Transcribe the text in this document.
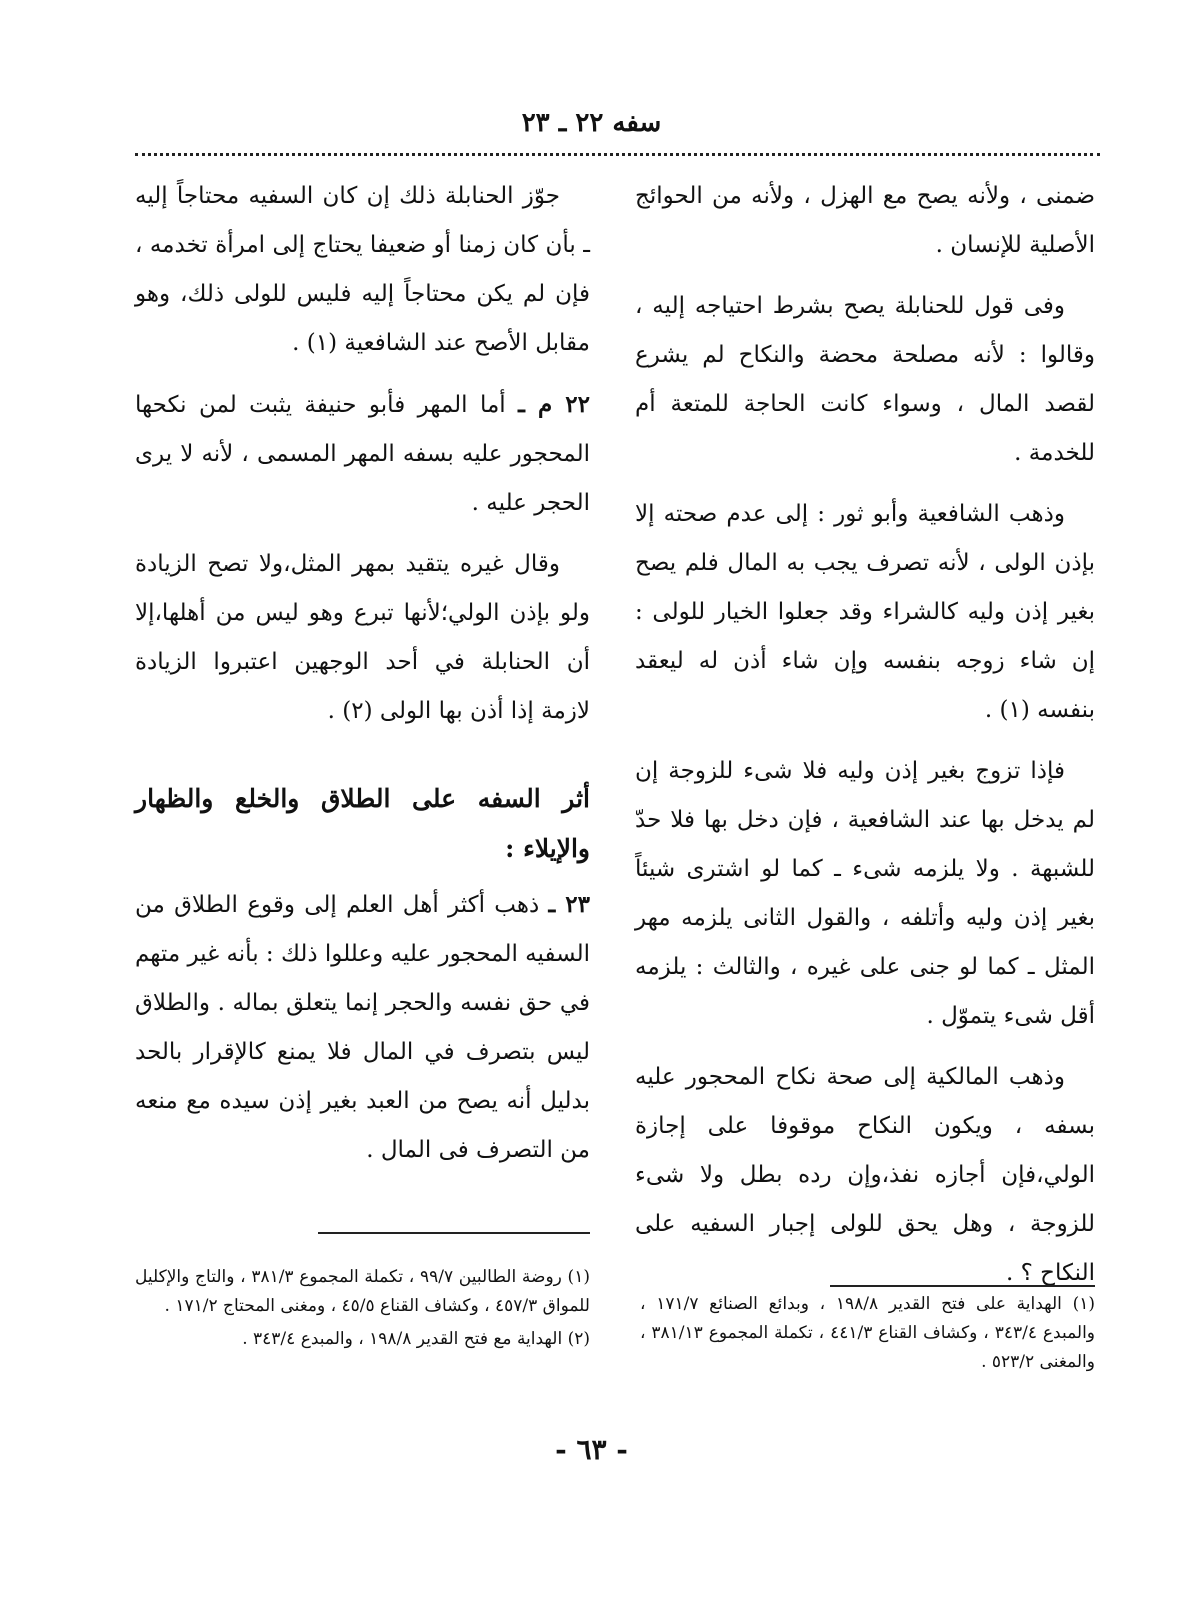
سفه ٢٢ ـ ٢٣

ضمنى ، ولأنه يصح مع الهزل ، ولأنه من الحوائج الأصلية للإنسان .

وفى قول للحنابلة يصح بشرط احتياجه إليه ، وقالوا : لأنه مصلحة محضة والنكاح لم يشرع لقصد المال ، وسواء كانت الحاجة للمتعة أم للخدمة .

وذهب الشافعية وأبو ثور : إلى عدم صحته إلا بإذن الولى ، لأنه تصرف يجب به المال فلم يصح بغير إذن وليه كالشراء وقد جعلوا الخيار للولى : إن شاء زوجه بنفسه وإن شاء أذن له ليعقد بنفسه (١) .

فإذا تزوج بغير إذن وليه فلا شىء للزوجة إن لم يدخل بها عند الشافعية ، فإن دخل بها فلا حدّ للشبهة . ولا يلزمه شىء ـ كما لو اشترى شيئاً بغير إذن وليه وأتلفه ، والقول الثانى يلزمه مهر المثل ـ كما لو جنى على غيره ، والثالث : يلزمه أقل شىء يتموّل .

وذهب المالكية إلى صحة نكاح المحجور عليه بسفه ، ويكون النكاح موقوفا على إجازة الولي،فإن أجازه نفذ،وإن رده بطل ولا شىء للزوجة ، وهل يحق للولى إجبار السفيه على النكاح ؟ .

جوّز الحنابلة ذلك إن كان السفيه محتاجاً إليه ـ بأن كان زمنا أو ضعيفا يحتاج إلى امرأة تخدمه ، فإن لم يكن محتاجاً إليه فليس للولى ذلك، وهو مقابل الأصح عند الشافعية (١) .

٢٢ م ـ أما المهر فأبو حنيفة يثبت لمن نكحها المحجور عليه بسفه المهر المسمى ، لأنه لا يرى الحجر عليه .

وقال غيره يتقيد بمهر المثل،ولا تصح الزيادة ولو بإذن الولي؛لأنها تبرع وهو ليس من أهلها،إلا أن الحنابلة في أحد الوجهين اعتبروا الزيادة لازمة إذا أذن بها الولى (٢) .

أثر السفه على الطلاق والخلع والظهار والإيلاء :

٢٣ ـ ذهب أكثر أهل العلم إلى وقوع الطلاق من السفيه المحجور عليه وعللوا ذلك : بأنه غير متهم في حق نفسه والحجر إنما يتعلق بماله . والطلاق ليس بتصرف في المال فلا يمنع كالإقرار بالحد بدليل أنه يصح من العبد بغير إذن سيده مع منعه من التصرف فى المال .

(١) الهداية على فتح القدير ١٩٨/٨ ، وبدائع الصنائع ١٧١/٧ ، والمبدع ٣٤٣/٤ ، وكشاف القناع ٤٤١/٣ ، تكملة المجموع ٣٨١/١٣ ، والمغنى ٥٢٣/٢ .

(١) روضة الطالبين ٩٩/٧ ، تكملة المجموع ٣٨١/٣ ، والتاج والإكليل للمواق ٤٥٧/٣ ، وكشاف القناع ٤٥/٥ ، ومغنى المحتاج ١٧١/٢ .

(٢) الهداية مع فتح القدير ١٩٨/٨ ، والمبدع ٣٤٣/٤ .

- ٦٣ -
